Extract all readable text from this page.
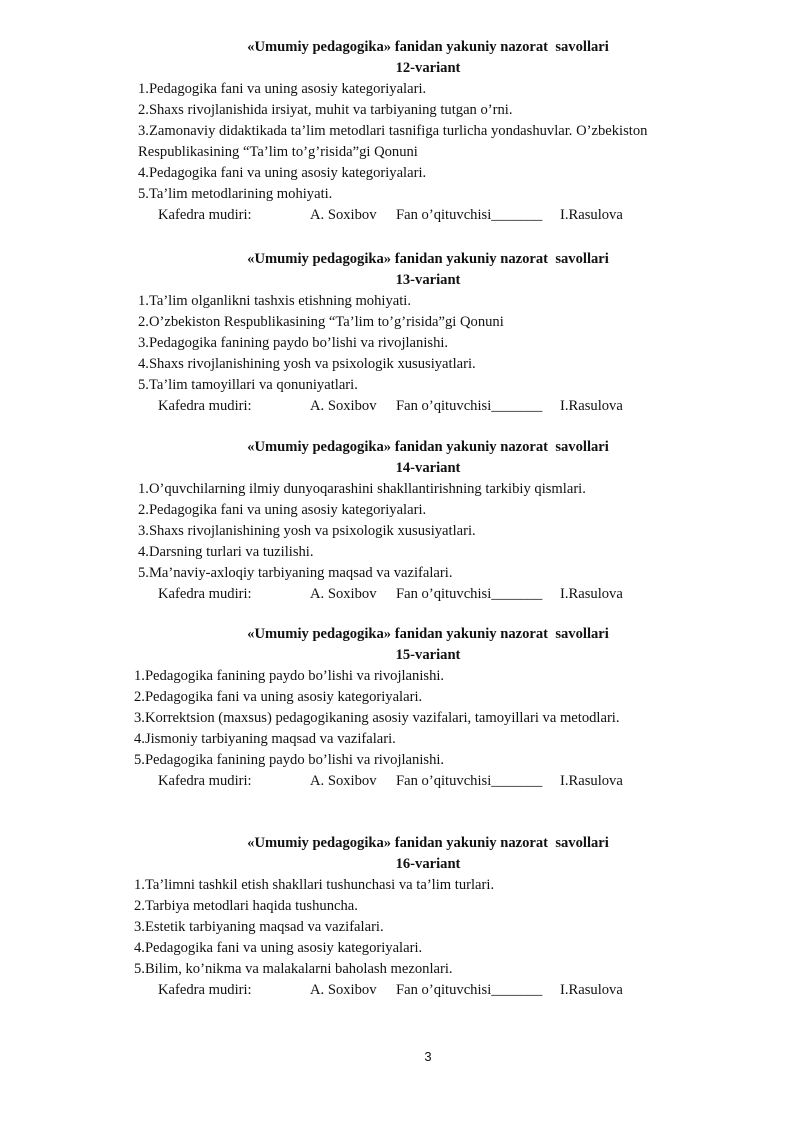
«Umumiy pedagogika» fanidan yakuniy nazorat  savollari
12-variant

1.Pedagogika fani va uning asosiy kategoriyalari.

2.Shaxs rivojlanishida irsiyat, muhit va tarbiyaning tutgan o’rni.

3.Zamonaviy didaktikada ta’lim metodlari tasnifiga turlicha yondashuvlar. O’zbekiston Respublikasining “Ta’lim to’g’risida”gi Qonuni

4.Pedagogika fani va uning asosiy kategoriyalari.

5.Ta’lim metodlarining mohiyati.

Kafedra mudiri:

	A. Soxibov

Fan o’qituvchisi_______

I.Rasulova

«Umumiy pedagogika» fanidan yakuniy nazorat  savollari
13-variant

1.Ta’lim olganlikni tashxis etishning mohiyati.

2.O’zbekiston Respublikasining “Ta’lim to’g’risida”gi Qonuni

3.Pedagogika fanining paydo bo’lishi va rivojlanishi.

4.Shaxs rivojlanishining yosh va psixologik xususiyatlari.

5.Ta’lim tamoyillari va qonuniyatlari.

Kafedra mudiri:

	A. Soxibov

Fan o’qituvchisi_______

I.Rasulova

«Umumiy pedagogika» fanidan yakuniy nazorat  savollari
14-variant

1.O’quvchilarning ilmiy dunyoqarashini shakllantirishning tarkibiy qismlari.

2.Pedagogika fani va uning asosiy kategoriyalari.

3.Shaxs rivojlanishining yosh va psixologik xususiyatlari.

4.Darsning turlari va tuzilishi.

5.Ma’naviy-axloqiy tarbiyaning maqsad va vazifalari.

Kafedra mudiri:

	A. Soxibov

Fan o’qituvchisi_______

I.Rasulova

«Umumiy pedagogika» fanidan yakuniy nazorat  savollari
15-variant

1.Pedagogika fanining paydo bo’lishi va rivojlanishi.

2.Pedagogika fani va uning asosiy kategoriyalari.

3.Korrektsion (maxsus) pedagogikaning asosiy vazifalari, tamoyillari va metodlari.

4.Jismoniy tarbiyaning maqsad va vazifalari.

5.Pedagogika fanining paydo bo’lishi va rivojlanishi.

Kafedra mudiri:

	A. Soxibov

Fan o’qituvchisi_______

I.Rasulova

«Umumiy pedagogika» fanidan yakuniy nazorat  savollari
16-variant

1.Ta’limni tashkil etish shakllari tushunchasi va ta’lim turlari.

2.Tarbiya metodlari haqida tushuncha.

3.Estetik tarbiyaning maqsad va vazifalari.

4.Pedagogika fani va uning asosiy kategoriyalari.

5.Bilim, ko’nikma va malakalarni baholash mezonlari.

Kafedra mudiri:

	A. Soxibov

Fan o’qituvchisi_______

I.Rasulova

3
